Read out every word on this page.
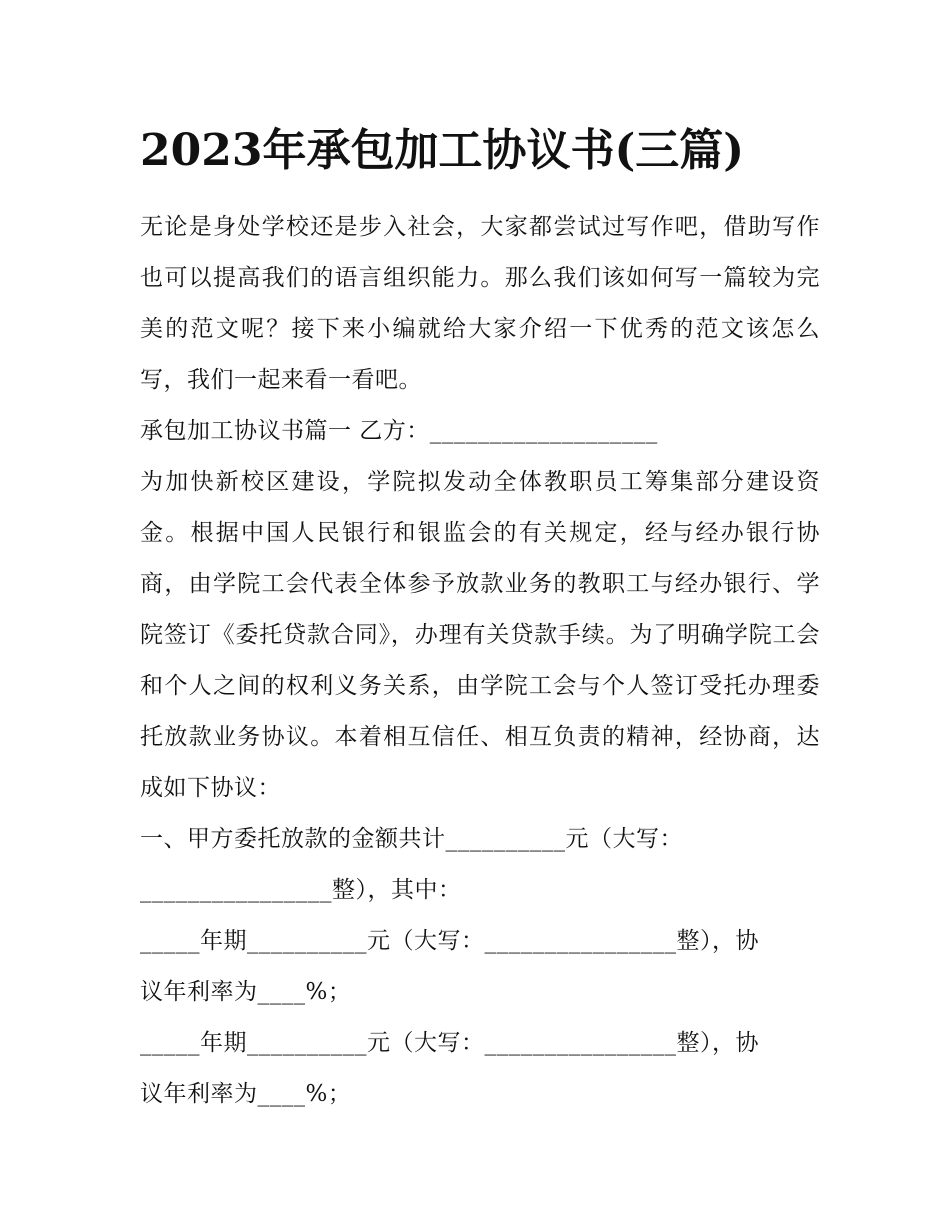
2023年承包加工协议书(三篇)

无论是身处学校还是步入社会，大家都尝试过写作吧，借助写作也可以提高我们的语言组织能力。那么我们该如何写一篇较为完美的范文呢？接下来小编就给大家介绍一下优秀的范文该怎么写，我们一起来看一看吧。

承包加工协议书篇一 乙方：___________________

为加快新校区建设，学院拟发动全体教职员工筹集部分建设资金。根据中国人民银行和银监会的有关规定，经与经办银行协商，由学院工会代表全体参予放款业务的教职工与经办银行、学院签订《委托贷款合同》，办理有关贷款手续。为了明确学院工会和个人之间的权利义务关系，由学院工会与个人签订受托办理委托放款业务协议。本着相互信任、相互负责的精神，经协商，达成如下协议：

一、甲方委托放款的金额共计__________元（大写：

________________整），其中：

_____年期__________元（大写：________________整），协

议年利率为____%；

_____年期__________元（大写：________________整），协

议年利率为____%；
